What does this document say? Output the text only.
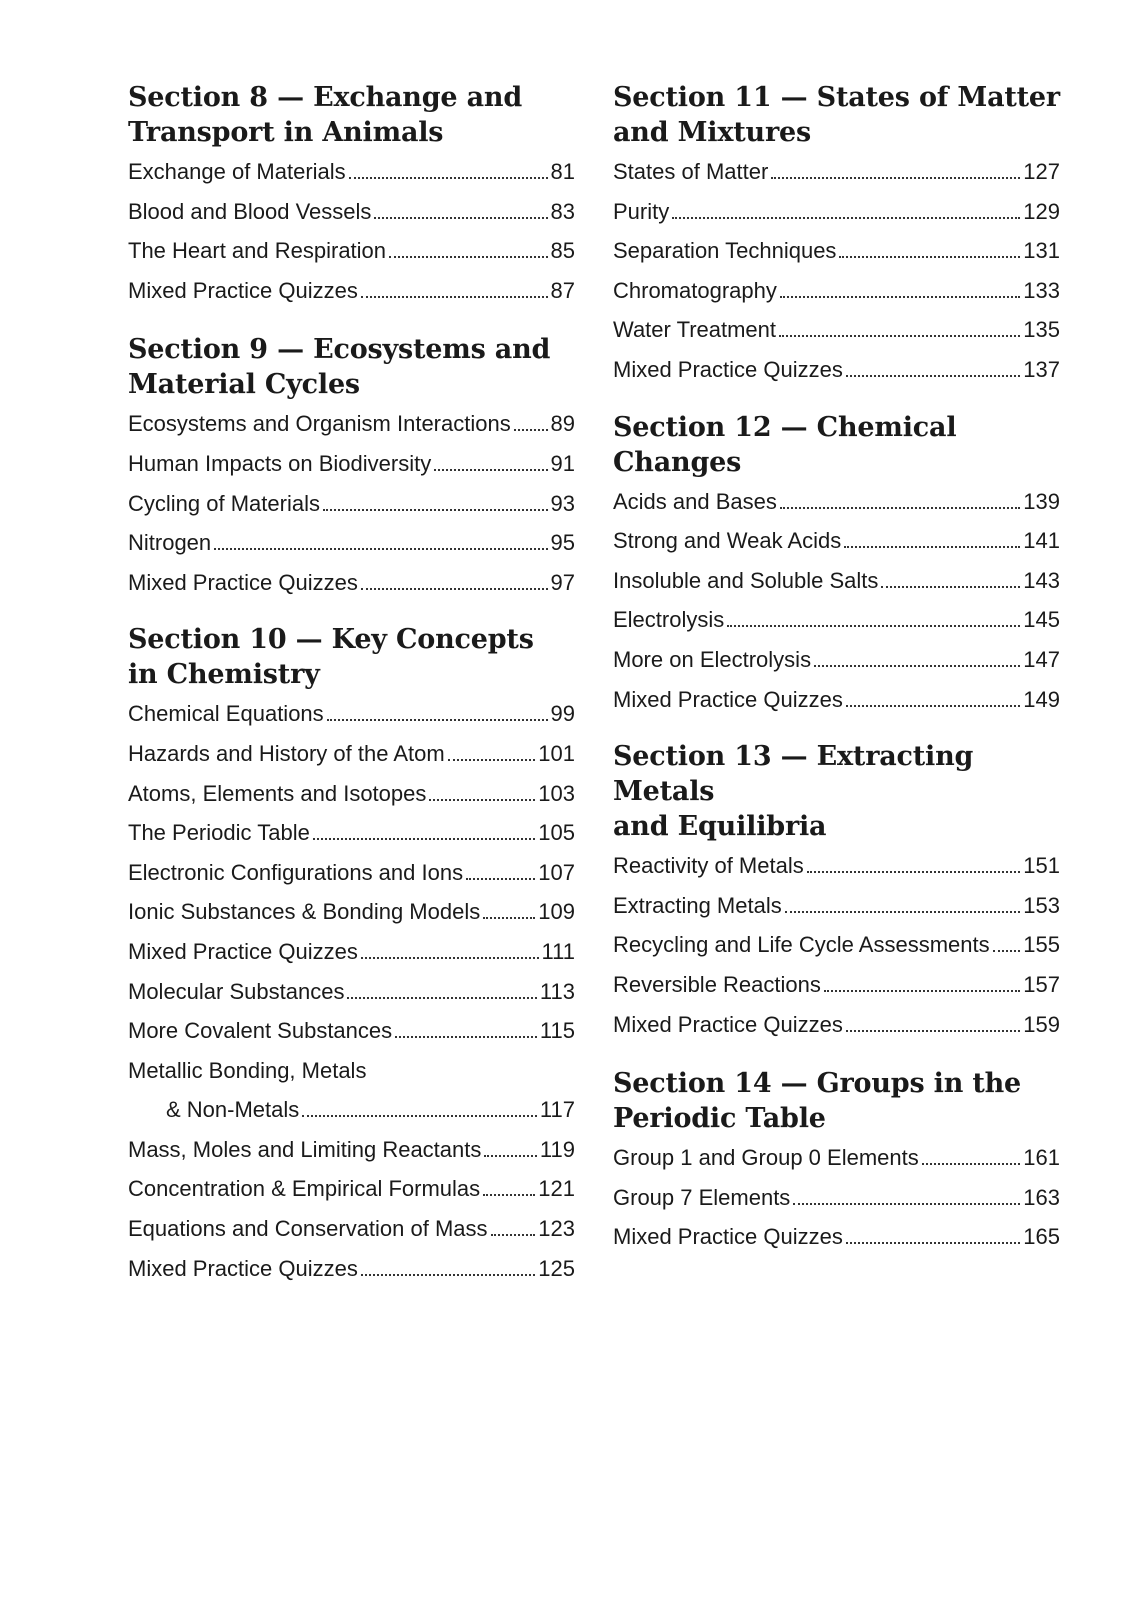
Section 8 — Exchange and
Transport in Animals
Exchange of Materials	81
Blood and Blood Vessels	83
The Heart and Respiration	85
Mixed Practice Quizzes	87
Section 9 — Ecosystems and
Material Cycles
Ecosystems and Organism Interactions 89
Human Impacts on Biodiversity	91
Cycling of Materials	93
Nitrogen	95
Mixed Practice Quizzes	97
Section 10 — Key Concepts
in Chemistry
Chemical Equations	99
Hazards and History of the Atom	101
Atoms, Elements and Isotopes	103
The Periodic Table	105
Electronic Configurations and Ions	107
Ionic Substances & Bonding Models	109
Mixed Practice Quizzes	111
Molecular Substances	113
More Covalent Substances	115
Metallic Bonding, Metals
& Non-Metals	117
Mass, Moles and Limiting Reactants	119
Concentration & Empirical Formulas	121
Equations and Conservation of Mass 123
Mixed Practice Quizzes	125
Section 11 — States of Matter
and Mixtures
States of Matter	127
Purity	129
Separation Techniques	131
Chromatography	133
Water Treatment	135
Mixed Practice Quizzes	137
Section 12 — Chemical
Changes
Acids and Bases	139
Strong and Weak Acids	141
Insoluble and Soluble Salts	143
Electrolysis	145
More on Electrolysis	147
Mixed Practice Quizzes	149
Section 13 — Extracting Metals
and Equilibria
Reactivity of Metals	151
Extracting Metals	153
Recycling and Life Cycle Assessments 155
Reversible Reactions	157
Mixed Practice Quizzes	159
Section 14 — Groups in the
Periodic Table
Group 1 and Group 0 Elements	161
Group 7 Elements	163
Mixed Practice Quizzes	165
